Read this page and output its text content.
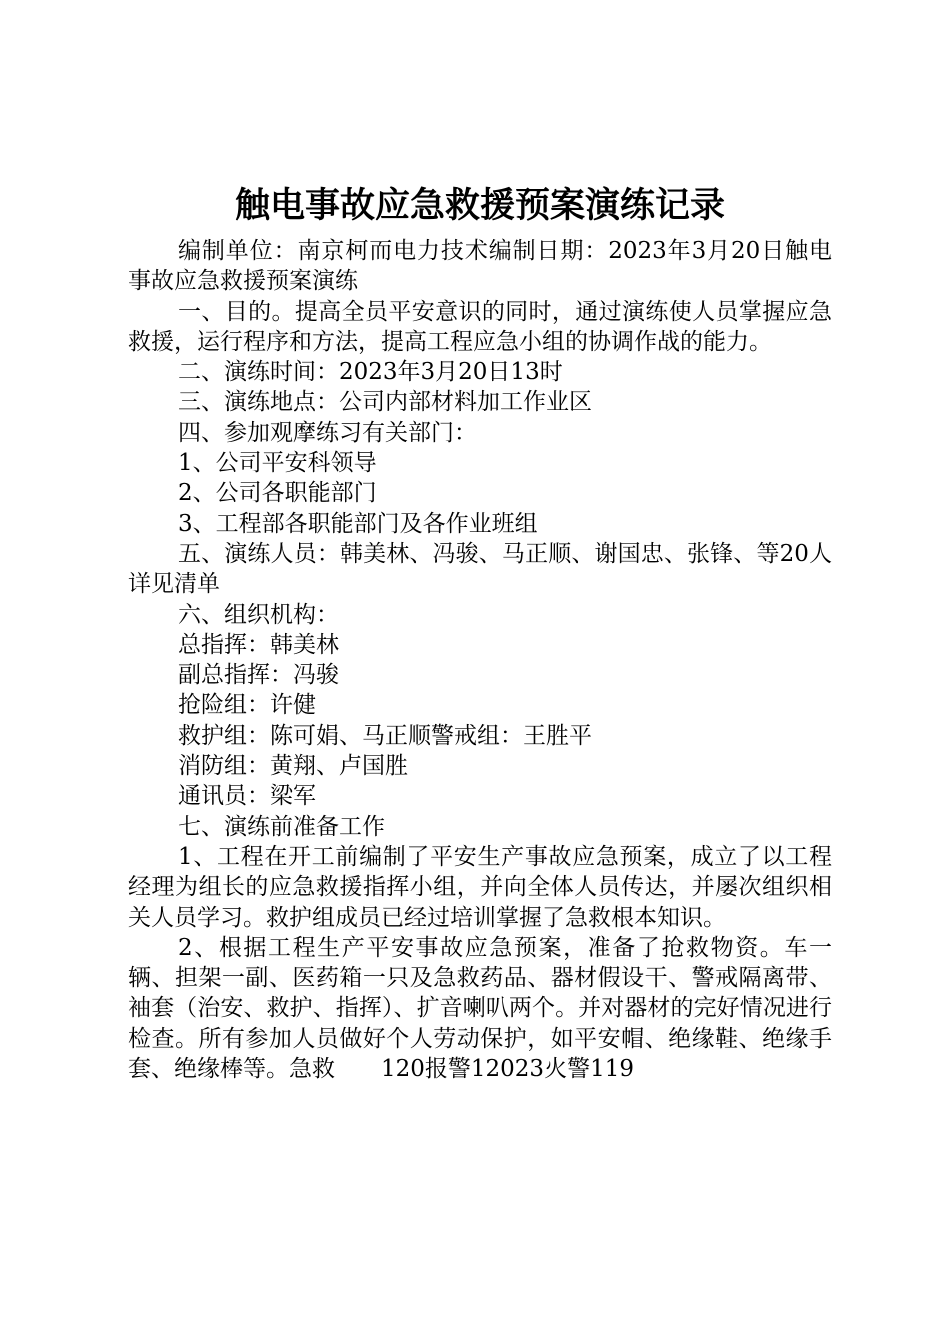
触电事故应急救援预案演练记录

编制单位：南京柯而电力技术编制日期：2023年3月20日触电事故应急救援预案演练

一、目的。提高全员平安意识的同时，通过演练使人员掌握应急救援，运行程序和方法，提高工程应急小组的协调作战的能力。

二、演练时间：2023年3月20日13时

三、演练地点：公司内部材料加工作业区

四、参加观摩练习有关部门：

1、公司平安科领导

2、公司各职能部门

3、工程部各职能部门及各作业班组

五、演练人员：韩美林、冯骏、马正顺、谢国忠、张锋、等20人详见清单

六、组织机构：

总指挥：韩美林

副总指挥：冯骏

抢险组：许健

救护组：陈可娟、马正顺警戒组：王胜平

消防组：黄翔、卢国胜

通讯员：梁军

七、演练前准备工作

1、工程在开工前编制了平安生产事故应急预案，成立了以工程经理为组长的应急救援指挥小组，并向全体人员传达，并屡次组织相关人员学习。救护组成员已经过培训掌握了急救根本知识。

2、根据工程生产平安事故应急预案，准备了抢救物资。车一辆、担架一副、医药箱一只及急救药品、器材假设干、警戒隔离带、袖套（治安、救护、指挥）、扩音喇叭两个。并对器材的完好情况进行检查。所有参加人员做好个人劳动保护，如平安帽、绝缘鞋、绝缘手套、绝缘棒等。急救　　120报警12023火警119
